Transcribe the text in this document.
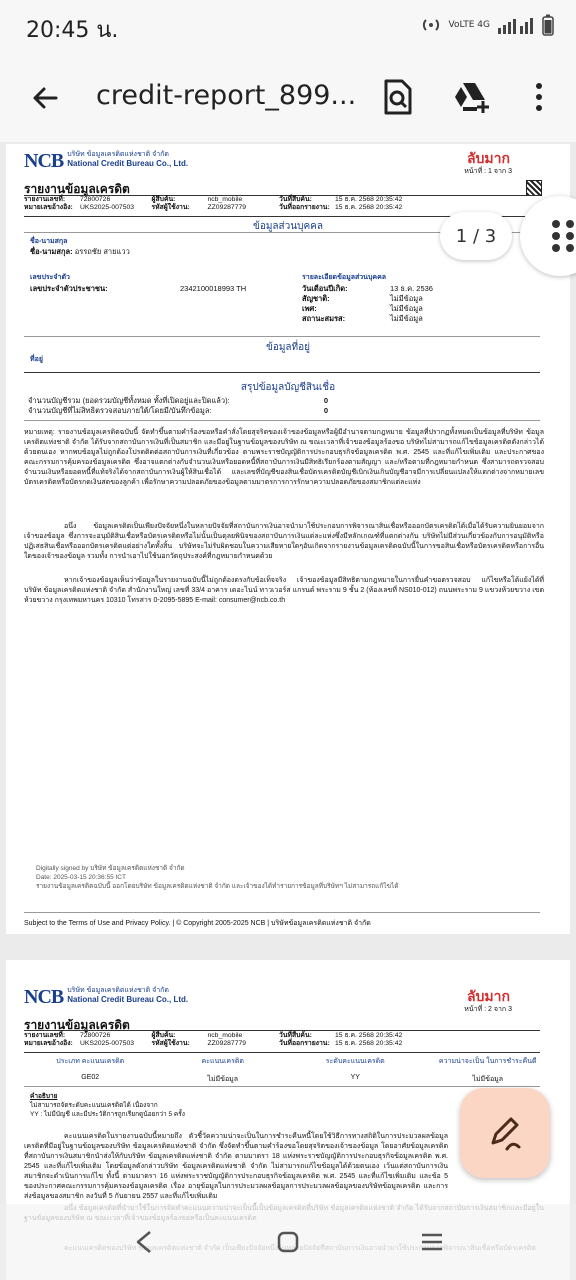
20:45 น.	VoLTE 4G
credit-report_899...
NCB บริษัท ข้อมูลเครดิตแห่งชาติ จำกัด
National Credit Bureau Co., Ltd.	ลับมาก
หน้าที่ : 1 จาก 3
รายงานข้อมูลเครดิต
รายงานเลขที่:	72800726	ผู้สืบค้น:	ncb_mobile	วันที่สืบค้น:	15 ธ.ค. 2568 20:35:42
หมายเลขอ้างอิง:	UKS2025-007503	รหัสผู้ใช้งาน:	ZZ09287779	วันที่ออกรายงาน: 15 ธ.ค. 2568 20:35:42
ข้อมูลส่วนบุคคล
ชื่อ-นามสกุล
ชื่อ-นามสกุล: อรรถชัย สายแวว
เลขประจำตัว	รายละเอียดข้อมูลส่วนบุคคล
เลขประจำตัวประชาชน:	2342100018993 TH	วันเดือนปีเกิด:	13 ธ.ค. 2536
สัญชาติ:	ไม่มีข้อมูล
เพศ:	ไม่มีข้อมูล
สถานะสมรส:	ไม่มีข้อมูล
ข้อมูลที่อยู่
ที่อยู่
สรุปข้อมูลบัญชีสินเชื่อ
จำนวนบัญชีรวม (ยอดรวมบัญชีทั้งหมด ทั้งที่เปิดอยู่และปิดแล้ว):	0
จำนวนบัญชีที่ไม่สิทธิตรวจสอบภายใต้/โดยมี/บันทึกข้อมูล:	0
หมายเหตุ: รายงานข้อมูลเครดิตฉบับนี้ จัดทำขึ้นตามคำร้องขอหรือคำสั่งโดยสุจริตของเจ้าของข้อมูลหรือผู้มีอำนาจตามกฎหมาย ข้อมูลที่ปรากฏทั้งหมดเป็นข้อมูลที่บริษัท ข้อมูลเครดิตแห่งชาติ จำกัด ได้รับจากสถาบันการเงินที่เป็นสมาชิก และมีอยู่ในฐานข้อมูลของบริษัท ณ ขณะเวลาที่เจ้าของข้อมูลร้องขอ บริษัทไม่สามารถแก้ไขข้อมูลเครดิตดังกล่าวได้ด้วยตนเอง หากพบข้อมูลไม่ถูกต้องโปรดติดต่อสถาบันการเงินที่เกี่ยวข้อง ตามพระราชบัญญัติการประกอบธุรกิจข้อมูลเครดิต พ.ศ. 2545 และที่แก้ไขเพิ่มเติม และประกาศของคณะกรรมการคุ้มครองข้อมูลเครดิต ซึ่งอาจแตกต่างกับจำนวนเงินหรือยอดหนี้ที่สถาบันการเงินมีสิทธิเรียกร้องตามสัญญา และ/หรือตามที่กฎหมายกำหนด ซึ่งสามารถตรวจสอบจำนวนเงินหรือยอดหนี้ที่แท้จริงได้จากสถาบันการเงินผู้ให้สินเชื่อได้ และเลขที่บัญชีของสินเชื่อบัตรเครดิตบัญชีเบิกเงินเกินบัญชีอาจมีการเปลี่ยนแปลงให้แตกต่างจากหมายเลขบัตรเครดิตหรือบัตรกดเงินสดของลูกค้า เพื่อรักษาความปลอดภัยของข้อมูลตามมาตรการการรักษาความปลอดภัยของสมาชิกแต่ละแห่ง
อนึ่ง ข้อมูลเครดิตเป็นเพียงปัจจัยหนึ่งในหลายปัจจัยที่สถาบันการเงินอาจนำมาใช้ประกอบการพิจารณาสินเชื่อหรือออกบัตรเครดิตได้เมื่อได้รับความยินยอมจากเจ้าของข้อมูล ซึ่งการจะอนุมัติสินเชื่อหรือบัตรเครดิตหรือไม่นั้นเป็นดุลยพินิจของสถาบันการเงินแต่ละแห่งซึ่งมีหลักเกณฑ์ที่แตกต่างกัน บริษัทไม่มีส่วนเกี่ยวข้องกับการอนุมัติหรือปฏิเสธสินเชื่อหรือออกบัตรเครดิตแต่อย่างใดทั้งสิ้น บริษัทจะไม่รับผิดชอบในความเสียหายใดๆอันเกิดจากรายงานข้อมูลเครดิตฉบับนี้ในการขอสินเชื่อหรือบัตรเครดิตหรือการอื่นใดของเจ้าของข้อมูล รวมทั้ง การนำเอาไปใช้นอกวัตถุประสงค์ที่กฎหมายกำหนดด้วย
หากเจ้าของข้อมูลเห็นว่าข้อมูลในรายงานฉบับนี้ไม่ถูกต้องตรงกับข้อเท็จจริง เจ้าของข้อมูลมีสิทธิตามกฎหมายในการยื่นคำขอตรวจสอบ แก้ไขหรือโต้แย้งได้ที่ บริษัท ข้อมูลเครดิตแห่งชาติ จำกัด สำนักงานใหญ่ เลขที่ 33/4 อาคาร เดอะไนน์ ทาวเวอร์ส แกรนด์ พระราม 9 ชั้น 2 (ห้องเลขที่ NS010-012) ถนนพระราม 9 แขวงห้วยขวาง เขตห้วยขวาง กรุงเทพมหานคร 10310 โทรสาร 0-2095-5895 E-mail: consumer@ncb.co.th
Digitally signed by บริษัท ข้อมูลเครดิตแห่งชาติ จำกัด
Date: 2025-03-15 20:36:55 ICT
รายงานข้อมูลเครดิตฉบับนี้ ออกโดยบริษัท ข้อมูลเครดิตแห่งชาติ จำกัด และเจ้าของได้ทำรายการข้อมูลที่บริษัทฯ ไม่สามารถแก้ไขได้
Subject to the Terms of Use and Privacy Policy. | © Copyright 2005-2025 NCB | บริษัทข้อมูลเครดิตแห่งชาติ จำกัด
NCB บริษัท ข้อมูลเครดิตแห่งชาติ จำกัด
National Credit Bureau Co., Ltd.	ลับมาก
หน้าที่ : 2 จาก 3
รายงานข้อมูลเครดิต
รายงานเลขที่:	72800726	ผู้สืบค้น:	ncb_mobile	วันที่สืบค้น:	15 ธ.ค. 2568 20:35:42
หมายเลขอ้างอิง:	UKS2025-007503	รหัสผู้ใช้งาน:	ZZ09287779	วันที่ออกรายงาน: 15 ธ.ค. 2568 20:35:42
ประเภท คะแนนเครดิต	คะแนนเครดิต	ระดับคะแนนเครดิต	ความน่าจะเป็น ในการชำระคืนดี
GE02	ไม่มีข้อมูล	YY	ไม่มีข้อมูล
คำอธิบาย
ไม่สามารถจัดระดับคะแนนเครดิตได้ เนื่องจาก
YY : ไม่มีบัญชี และมีประวัติการถูกเรียกดูน้อยกว่า 5 ครั้ง
คะแนนเครดิตในรายงานฉบับนี้หมายถึง ตัวชี้วัดความน่าจะเป็นในการชำระคืนหนี้โดยใช้วิธีการทางสถิติในการประมวลผลข้อมูลเครดิตที่มีอยู่ในฐานข้อมูลของบริษัท ข้อมูลเครดิตแห่งชาติ จำกัด ซึ่งจัดทำขึ้นตามคำร้องขอโดยสุจริตของเจ้าของข้อมูล โดยอาศัยข้อมูลเครดิตที่สถาบันการเงินสมาชิกนำส่งให้กับบริษัท ข้อมูลเครดิตแห่งชาติ จำกัด ตามมาตรา 18 แห่งพระราชบัญญัติการประกอบธุรกิจข้อมูลเครดิต พ.ศ. 2545 และที่แก้ไขเพิ่มเติม โดยข้อมูลดังกล่าวบริษัท ข้อมูลเครดิตแห่งชาติ จำกัด ไม่สามารถแก้ไขข้อมูลได้ด้วยตนเอง เว้นแต่สถาบันการเงินสมาชิกจะดำเนินการแก้ไข ทั้งนี้ ตามมาตรา 16 แห่งพระราชบัญญัติการประกอบธุรกิจข้อมูลเครดิต พ.ศ. 2545 และที่แก้ไขเพิ่มเติม และข้อ 5 ของประกาศคณะกรรมการคุ้มครองข้อมูลเครดิต เรื่อง อายุข้อมูลในการประมวลผลข้อมูลการประมวลผลข้อมูลของบริษัทข้อมูลเครดิต และการส่งข้อมูลของสมาชิก ลงวันที่ 5 กันยายน 2557 และที่แก้ไขเพิ่มเติม
1 / 3
